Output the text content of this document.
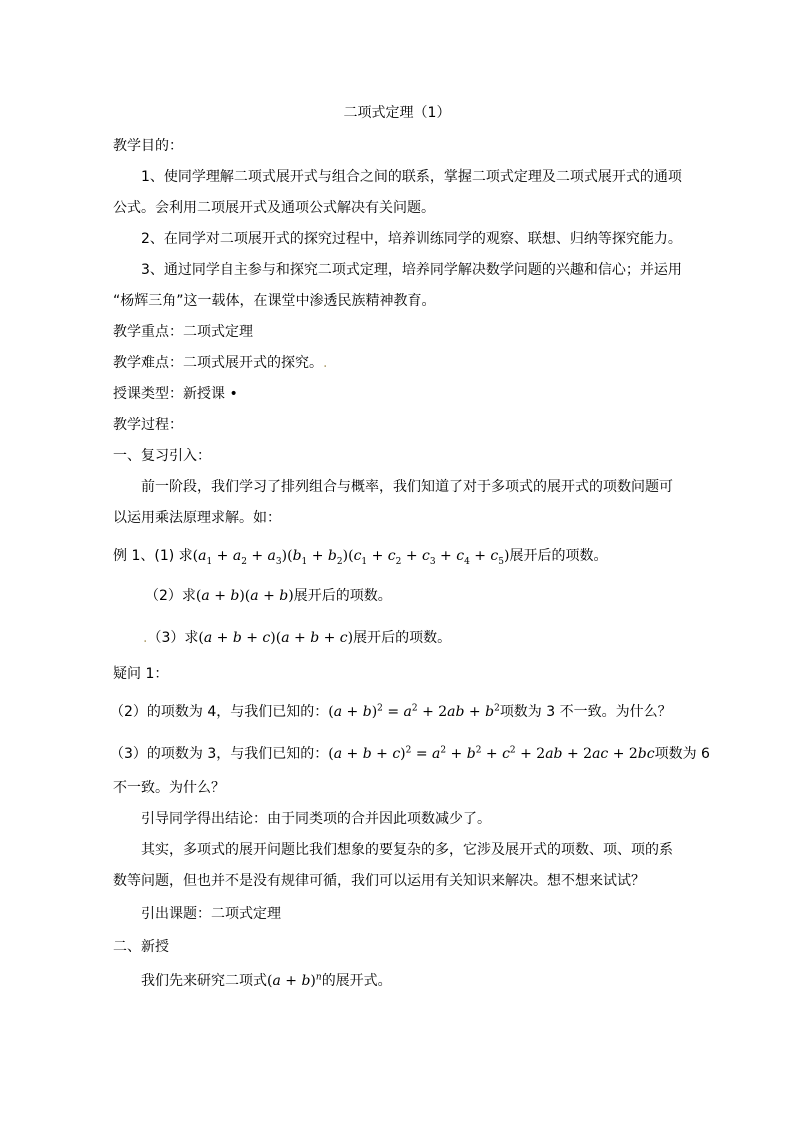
二项式定理（1）
教学目的：
1、使同学理解二项式展开式与组合之间的联系，掌握二项式定理及二项式展开式的通项
公式。会利用二项展开式及通项公式解决有关问题。
2、在同学对二项展开式的探究过程中，培养训练同学的观察、联想、归纳等探究能力。
3、通过同学自主参与和探究二项式定理，培养同学解决数学问题的兴趣和信心；并运用
“杨辉三角”这一载体，在课堂中渗透民族精神教育。
教学重点：二项式定理
教学难点：二项式展开式的探究。.
授课类型：新授课 •
教学过程：
一、复习引入：
前一阶段，我们学习了排列组合与概率，我们知道了对于多项式的展开式的项数问题可
以运用乘法原理求解。如：
例 1、(1) 求$(a_1 + a_2 + a_3)(b_1 + b_2)(c_1 + c_2 + c_3 + c_4 + c_5)$展开后的项数。
（2）求(a + b)(a + b)展开后的项数。
.（3）求(a + b + c)(a + b + c)展开后的项数。
疑问 1：
（2）的项数为 4，与我们已知的：$(a + b)^2 = a^2 + 2ab + b^2$项数为 3 不一致。为什么？
（3）的项数为 3，与我们已知的：$(a + b + c)^2 = a^2 + b^2 + c^2 + 2ab + 2ac + 2bc$项数为 6
不一致。为什么？
引导同学得出结论：由于同类项的合并因此项数减少了。
其实，多项式的展开问题比我们想象的要复杂的多，它涉及展开式的项数、项、项的系
数等问题，但也并不是没有规律可循，我们可以运用有关知识来解决。想不想来试试？
引出课题：二项式定理
二、新授
我们先来研究二项式$(a + b)^n$的展开式。
